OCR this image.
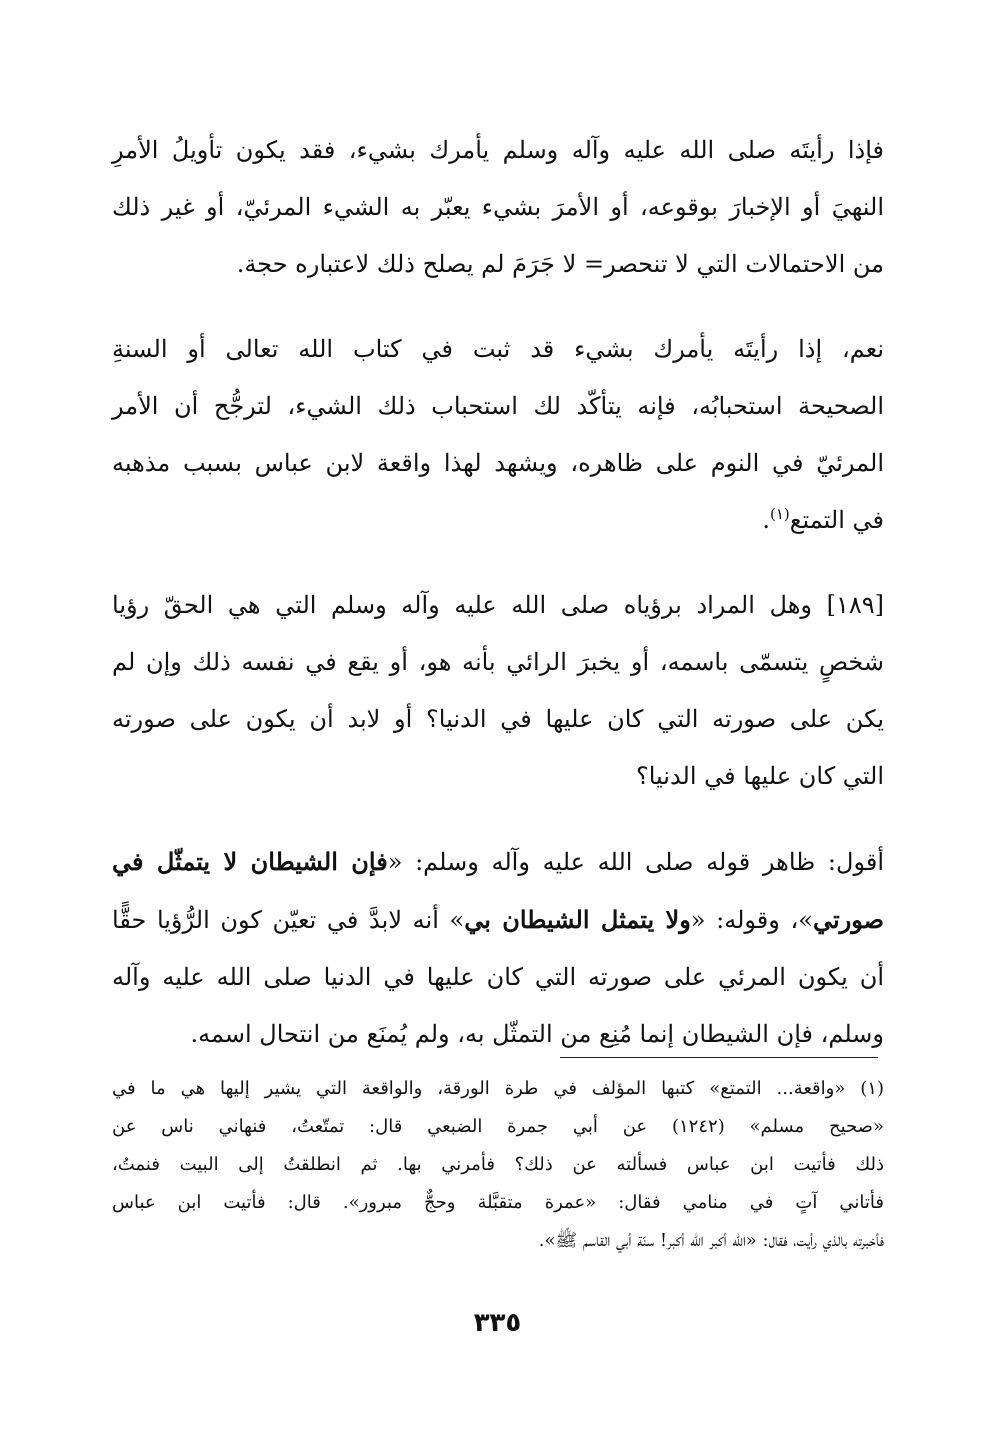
فإذا رأيتَه صلى الله عليه وآله وسلم يأمرك بشيء، فقد يكون تأويلُ الأمرِ
النهيَ أو الإخبارَ بوقوعه، أو الأمرَ بشيء يعبّر به الشيء المرئيّ، أو غير ذلك
من الاحتمالات التي لا تنحصر= لا جَرَمَ لم يصلح ذلك لاعتباره حجة.

نعم، إذا رأيتَه يأمرك بشيء قد ثبت في كتاب الله تعالى أو السنةِ
الصحيحة استحبابُه، فإنه يتأكّد لك استحباب ذلك الشيء، لترجُّح أن الأمر
المرئيّ في النوم على ظاهره، ويشهد لهذا واقعة لابن عباس بسبب مذهبه
في التمتع$^{(١)}$.

[١٨٩] وهل المراد برؤياه صلى الله عليه وآله وسلم التي هي الحقّ رؤيا
شخصٍ يتسمّى باسمه، أو يخبرَ الرائي بأنه هو، أو يقع في نفسه ذلك وإن لم
يكن على صورته التي كان عليها في الدنيا؟ أو لابد أن يكون على صورته
التي كان عليها في الدنيا؟

أقول: ظاهر قوله صلى الله عليه وآله وسلم: «فإن الشيطان لا يتمثّل في
صورتي»، وقوله: «ولا يتمثل الشيطان بي» أنه لابدَّ في تعيّن كون الرُّؤيا حقًّا
أن يكون المرئي على صورته التي كان عليها في الدنيا صلى الله عليه وآله
وسلم، فإن الشيطان إنما مُنِع من التمثّل به، ولم يُمنَع من انتحال اسمه.

(١) «واقعة... التمتع» كتبها المؤلف في طرة الورقة، والواقعة التي يشير إليها هي ما في
«صحيح مسلم» (١٢٤٢) عن أبي جمرة الضبعي قال: تمتّعتُ، فنهاني ناس عن
ذلك فأتيت ابن عباس فسألته عن ذلك؟ فأمرني بها. ثم انطلقتُ إلى البيت فنمتُ،
فأتاني آتٍ في منامي فقال: «عمرة متقبَّلة وحجٌّ مبرور». قال: فأتيت ابن عباس
فأخبرته بالذي رأيت، فقال: «الله أكبر الله أكبر! سنّة أبي القاسم ﷺ».
٣٣٥
